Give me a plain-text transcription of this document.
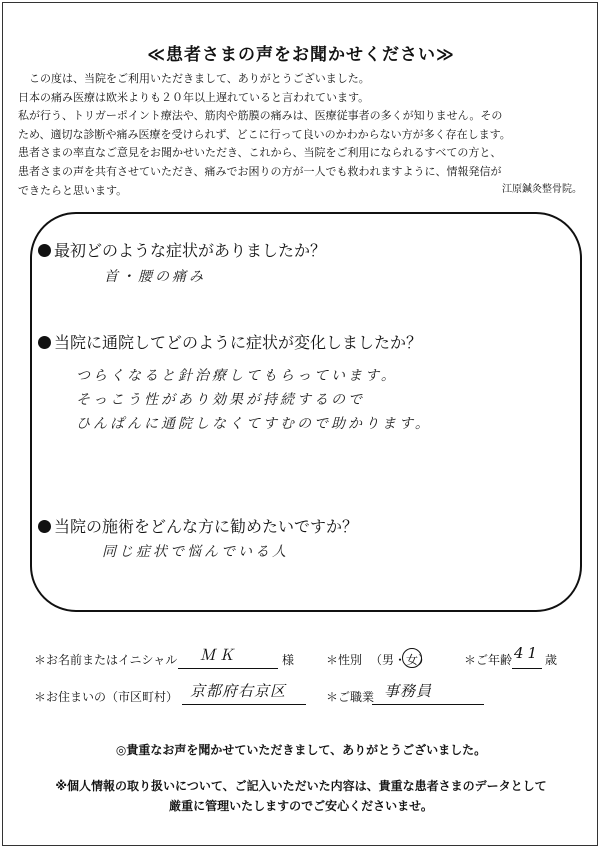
≪患者さまの声をお聞かせください≫
この度は、当院をご利用いただきまして、ありがとうございました。
日本の痛み医療は欧米よりも２０年以上遅れていると言われています。
私が行う、トリガーポイント療法や、筋肉や筋膜の痛みは、医療従事者の多くが知りません。その
ため、適切な診断や痛み医療を受けられず、どこに行って良いのかわからない方が多く存在します。
患者さまの率直なご意見をお聞かせいただき、これから、当院をご利用になられるすべての方と、
患者さまの声を共有させていただき、痛みでお困りの方が一人でも救われますように、情報発信が
できたらと思います。	江原鍼灸整骨院。
最初どのような症状がありましたか？
首・腰の痛み
当院に通院してどのように症状が変化しましたか？
つらくなると針治療してもらっています。
そっこう性があり効果が持続するので
ひんぱんに通院しなくてすむので助かります。
当院の施術をどんな方に勧めたいですか？
同じ症状で悩んでいる人
＊お名前またはイニシャル ＭＫ	様	＊性別 （男・女）	＊ご年齢 41 歳
＊お住まいの（市区町村） 京都府右京区	＊ご職業 事務員
◎貴重なお声を聞かせていただきまして、ありがとうございました。
※個人情報の取り扱いについて、ご記入いただいた内容は、貴重な患者さまのデータとして
厳重に管理いたしますのでご安心くださいませ。
